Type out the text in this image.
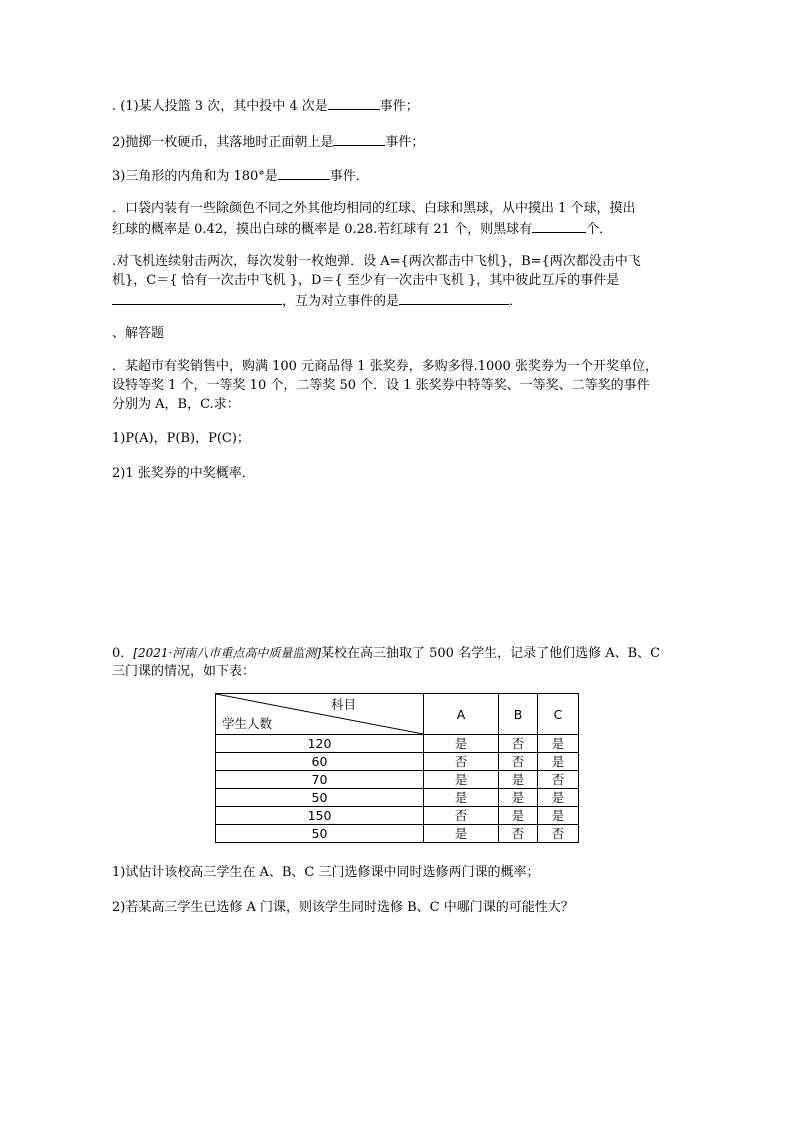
. (1)某人投篮 3 次，其中投中 4 次是	事件；
2)抛掷一枚硬币，其落地时正面朝上是	事件；
3)三角形的内角和为 180°是	事件．
．口袋内装有一些除颜色不同之外其他均相同的红球、白球和黑球，从中摸出 1 个球，摸出
红球的概率是 0.42，摸出白球的概率是 0.28.若红球有 21 个，则黑球有	个．
.对飞机连续射击两次，每次发射一枚炮弹．设 A={两次都击中飞机}，B={两次都没击中飞
机}，C＝{ 恰有一次击中飞机 }，D＝{ 至少有一次击中飞机 }，其中彼此互斥的事件是
，互为对立事件的是	．
、解答题
．某超市有奖销售中，购满 100 元商品得 1 张奖券，多购多得.1000 张奖券为一个开奖单位，
设特等奖 1 个，一等奖 10 个，二等奖 50 个．设 1 张奖券中特等奖、一等奖、二等奖的事件
分别为 A，B，C.求：
1)P(A)，P(B)，P(C)；
2)1 张奖券的中奖概率．
0．[2021·河南八市重点高中质量监测]某校在高三抽取了 500 名学生，记录了他们选修 A、B、C
三门课的情况，如下表：
科目
学生人数	A	B	C
120	是	否	是
60	否	否	是
70	是	是	否
50	是	是	是
150	否	是	是
50	是	否	否
1)试估计该校高三学生在 A、B、C 三门选修课中同时选修两门课的概率；
2)若某高三学生已选修 A 门课，则该学生同时选修 B、C 中哪门课的可能性大？
